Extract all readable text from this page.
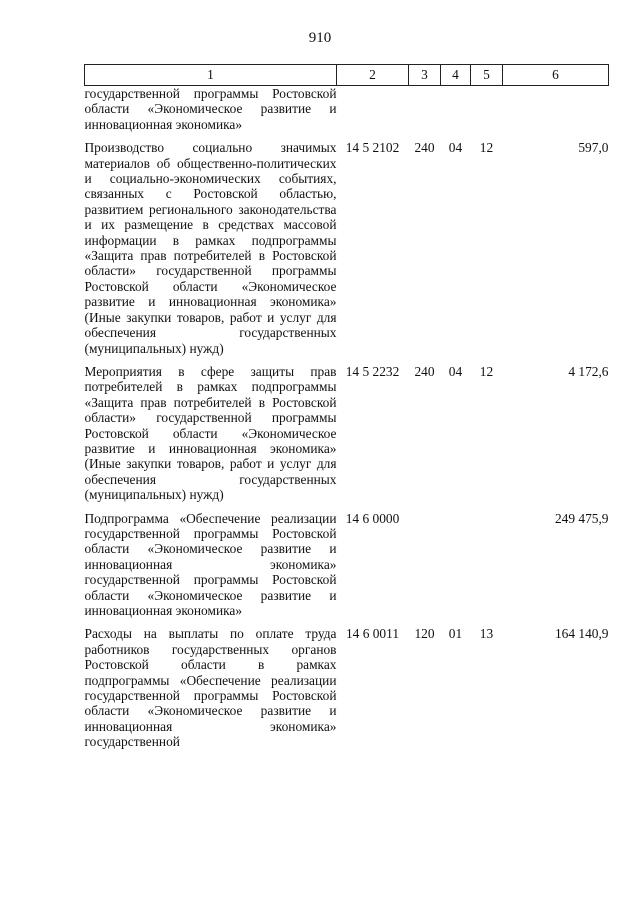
910
1	2	3	4	5	6
государственной программы Ростовской области «Экономическое развитие и инновационная экономика»					
Производство социально значимых материалов об общественно-политических и социально-экономических событиях, связанных с Ростовской областью, развитием регионального законодательства и их размещение в средствах массовой информации в рамках подпрограммы «Защита прав потребителей в Ростовской области» государственной программы Ростовской области «Экономическое развитие и инновационная экономика» (Иные закупки товаров, работ и услуг для обеспечения государственных (муниципальных) нужд)	14 5 2102	240	04	12	597,0
Мероприятия в сфере защиты прав потребителей в рамках подпрограммы «Защита прав потребителей в Ростовской области» государственной программы Ростовской области «Экономическое развитие и инновационная экономика» (Иные закупки товаров, работ и услуг для обеспечения государственных (муниципальных) нужд)	14 5 2232	240	04	12	4 172,6
Подпрограмма «Обеспечение реализации государственной программы Ростовской области «Экономическое развитие и инновационная экономика» государственной программы Ростовской области «Экономическое развитие и инновационная экономика»	14 6 0000				249 475,9
Расходы на выплаты по оплате труда работников государственных органов Ростовской области в рамках подпрограммы «Обеспечение реализации государственной программы Ростовской области «Экономическое развитие и инновационная экономика» государственной	14 6 0011	120	01	13	164 140,9
